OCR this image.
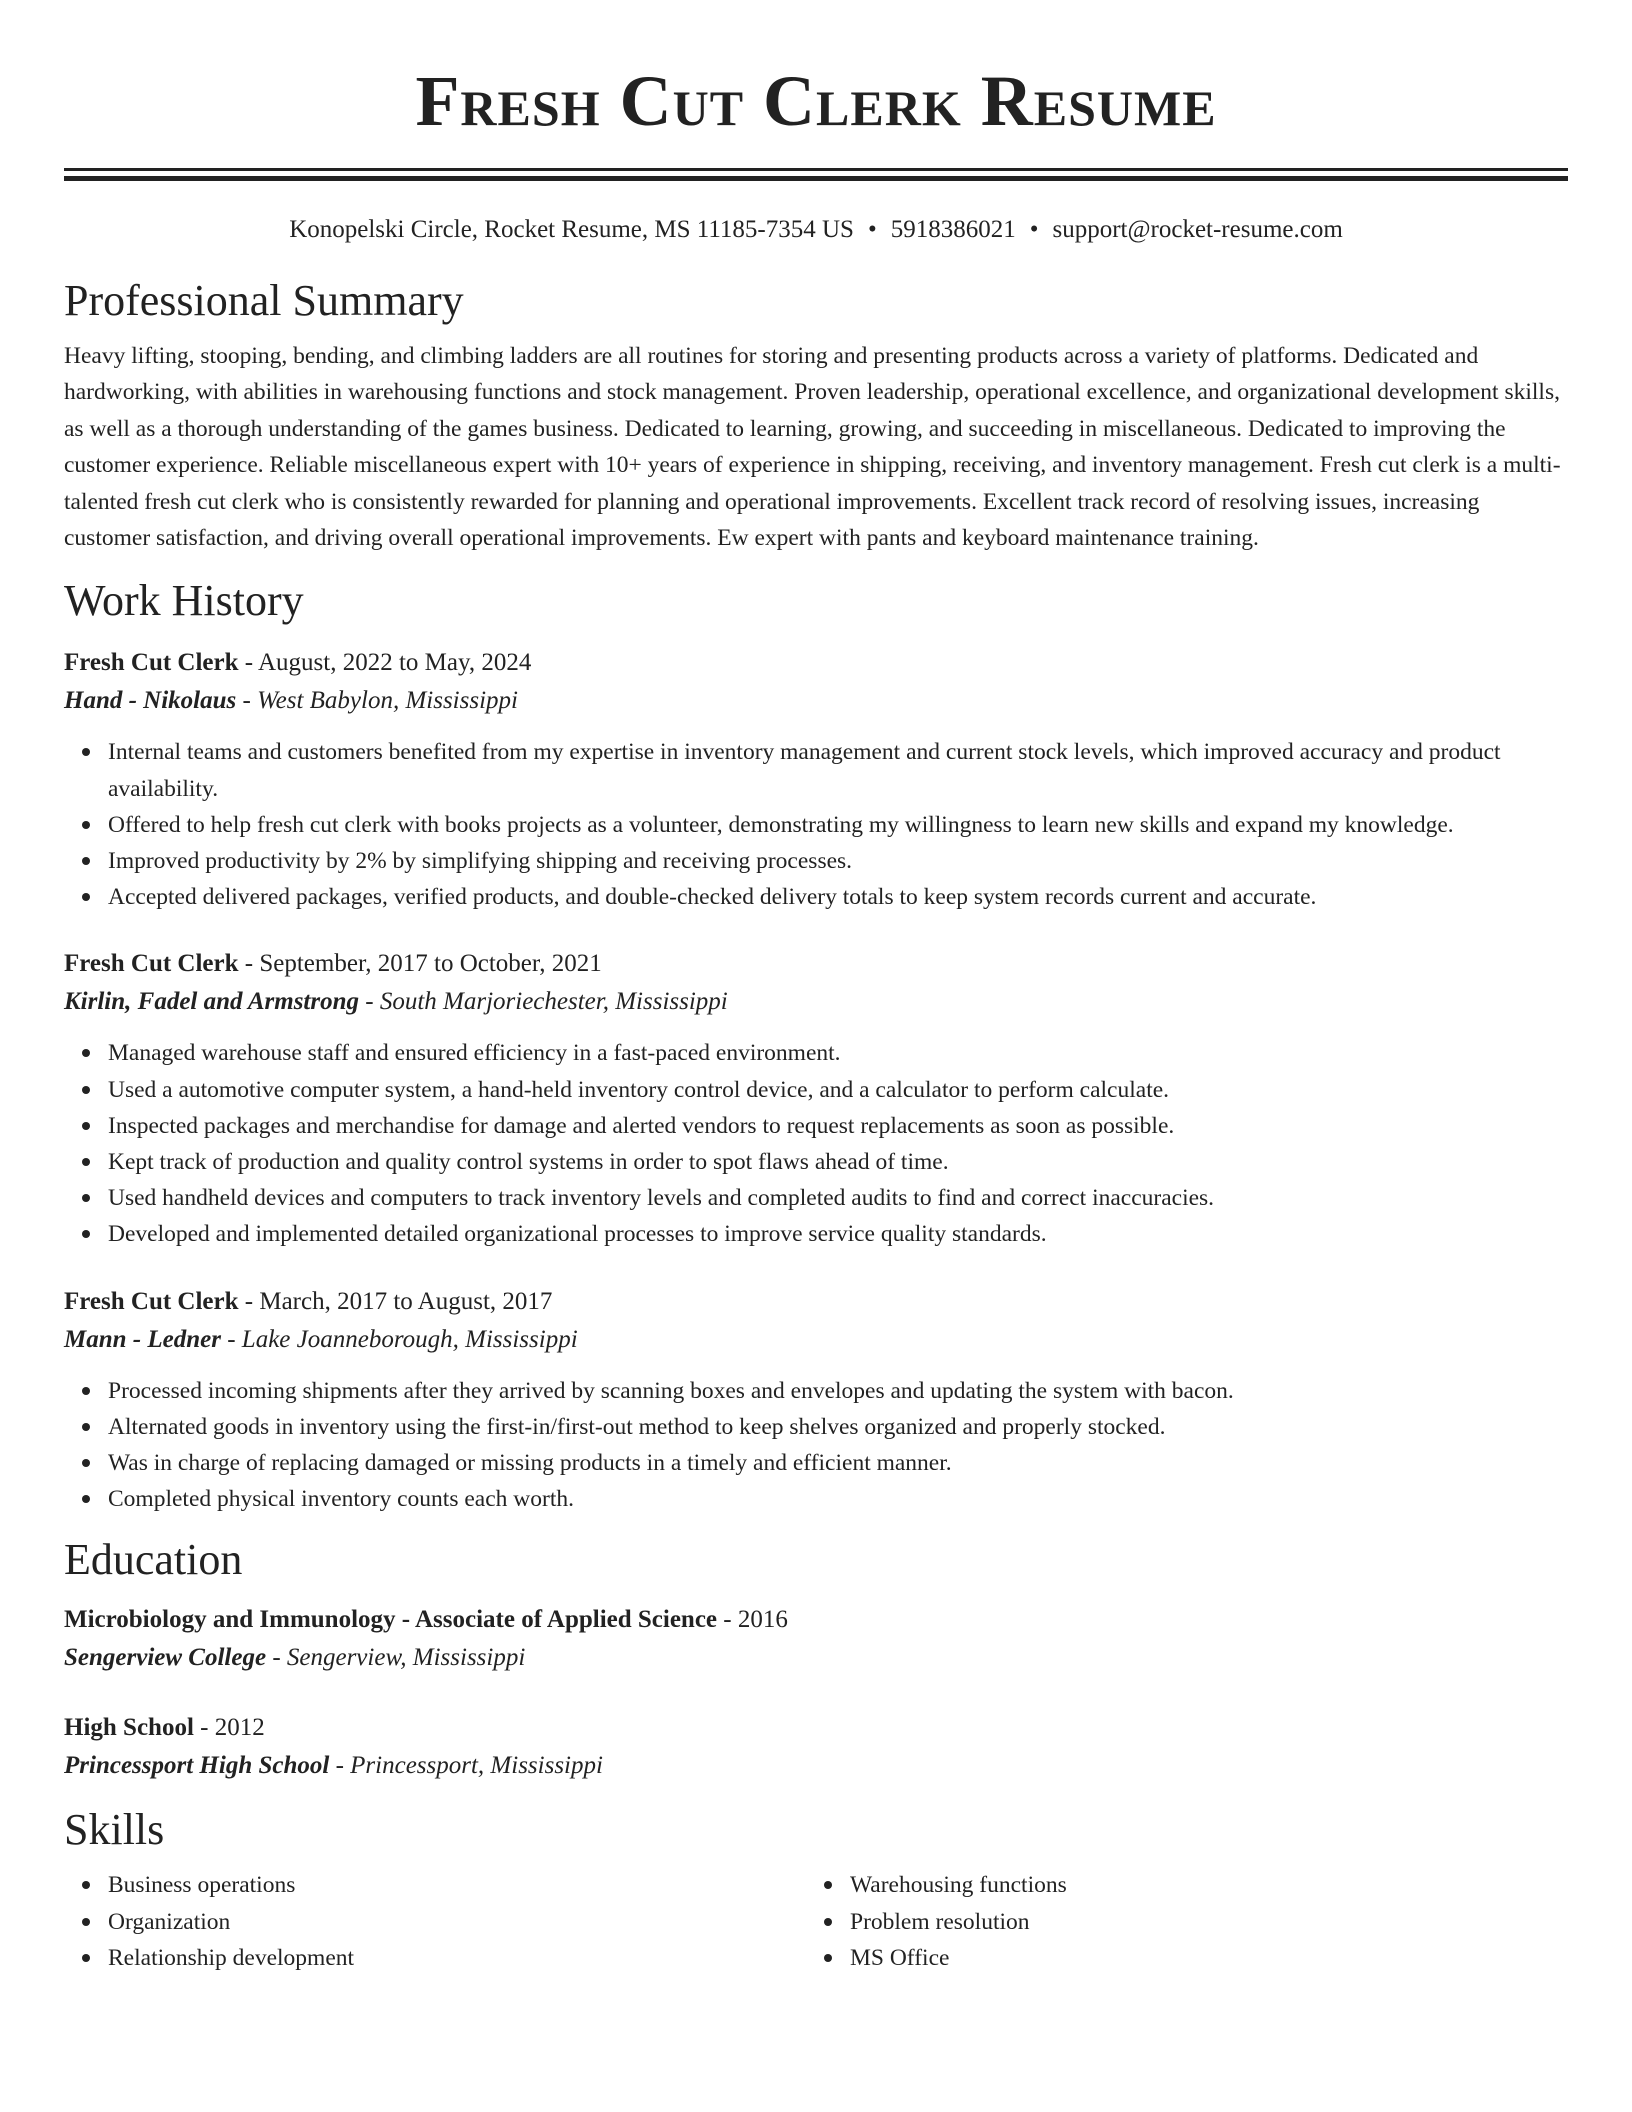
Fresh Cut Clerk Resume
Konopelski Circle, Rocket Resume, MS 11185-7354 US • 5918386021 • support@rocket-resume.com
Professional Summary
Heavy lifting, stooping, bending, and climbing ladders are all routines for storing and presenting products across a variety of platforms. Dedicated and hardworking, with abilities in warehousing functions and stock management. Proven leadership, operational excellence, and organizational development skills, as well as a thorough understanding of the games business. Dedicated to learning, growing, and succeeding in miscellaneous. Dedicated to improving the customer experience. Reliable miscellaneous expert with 10+ years of experience in shipping, receiving, and inventory management. Fresh cut clerk is a multi-talented fresh cut clerk who is consistently rewarded for planning and operational improvements. Excellent track record of resolving issues, increasing customer satisfaction, and driving overall operational improvements. Ew expert with pants and keyboard maintenance training.
Work History
Fresh Cut Clerk - August, 2022 to May, 2024
Hand - Nikolaus - West Babylon, Mississippi
Internal teams and customers benefited from my expertise in inventory management and current stock levels, which improved accuracy and product availability.
Offered to help fresh cut clerk with books projects as a volunteer, demonstrating my willingness to learn new skills and expand my knowledge.
Improved productivity by 2% by simplifying shipping and receiving processes.
Accepted delivered packages, verified products, and double-checked delivery totals to keep system records current and accurate.
Fresh Cut Clerk - September, 2017 to October, 2021
Kirlin, Fadel and Armstrong - South Marjoriechester, Mississippi
Managed warehouse staff and ensured efficiency in a fast-paced environment.
Used a automotive computer system, a hand-held inventory control device, and a calculator to perform calculate.
Inspected packages and merchandise for damage and alerted vendors to request replacements as soon as possible.
Kept track of production and quality control systems in order to spot flaws ahead of time.
Used handheld devices and computers to track inventory levels and completed audits to find and correct inaccuracies.
Developed and implemented detailed organizational processes to improve service quality standards.
Fresh Cut Clerk - March, 2017 to August, 2017
Mann - Ledner - Lake Joanneborough, Mississippi
Processed incoming shipments after they arrived by scanning boxes and envelopes and updating the system with bacon.
Alternated goods in inventory using the first-in/first-out method to keep shelves organized and properly stocked.
Was in charge of replacing damaged or missing products in a timely and efficient manner.
Completed physical inventory counts each worth.
Education
Microbiology and Immunology - Associate of Applied Science - 2016
Sengerview College - Sengerview, Mississippi
High School - 2012
Princessport High School - Princessport, Mississippi
Skills
Business operations
Organization
Relationship development
Warehousing functions
Problem resolution
MS Office
